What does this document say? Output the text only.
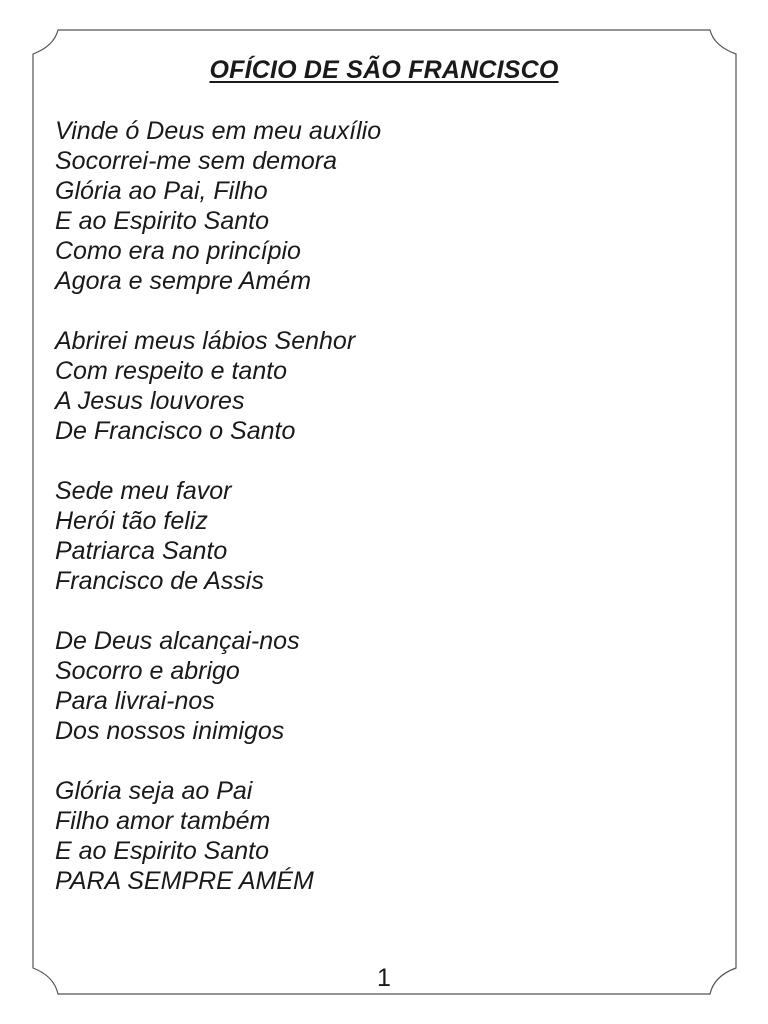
OFÍCIO DE SÃO FRANCISCO
Vinde ó Deus em meu auxílio
Socorrei-me sem demora
Glória ao Pai, Filho
E ao Espirito Santo
Como era no princípio
Agora e sempre Amém
Abrirei meus lábios Senhor
Com respeito e tanto
A Jesus louvores
De Francisco o Santo
Sede meu favor
Herói tão feliz
Patriarca Santo
Francisco de Assis
De Deus alcançai-nos
Socorro e abrigo
Para livrai-nos
Dos nossos inimigos
Glória seja ao Pai
Filho amor também
E ao Espirito Santo
PARA SEMPRE AMÉM
1
